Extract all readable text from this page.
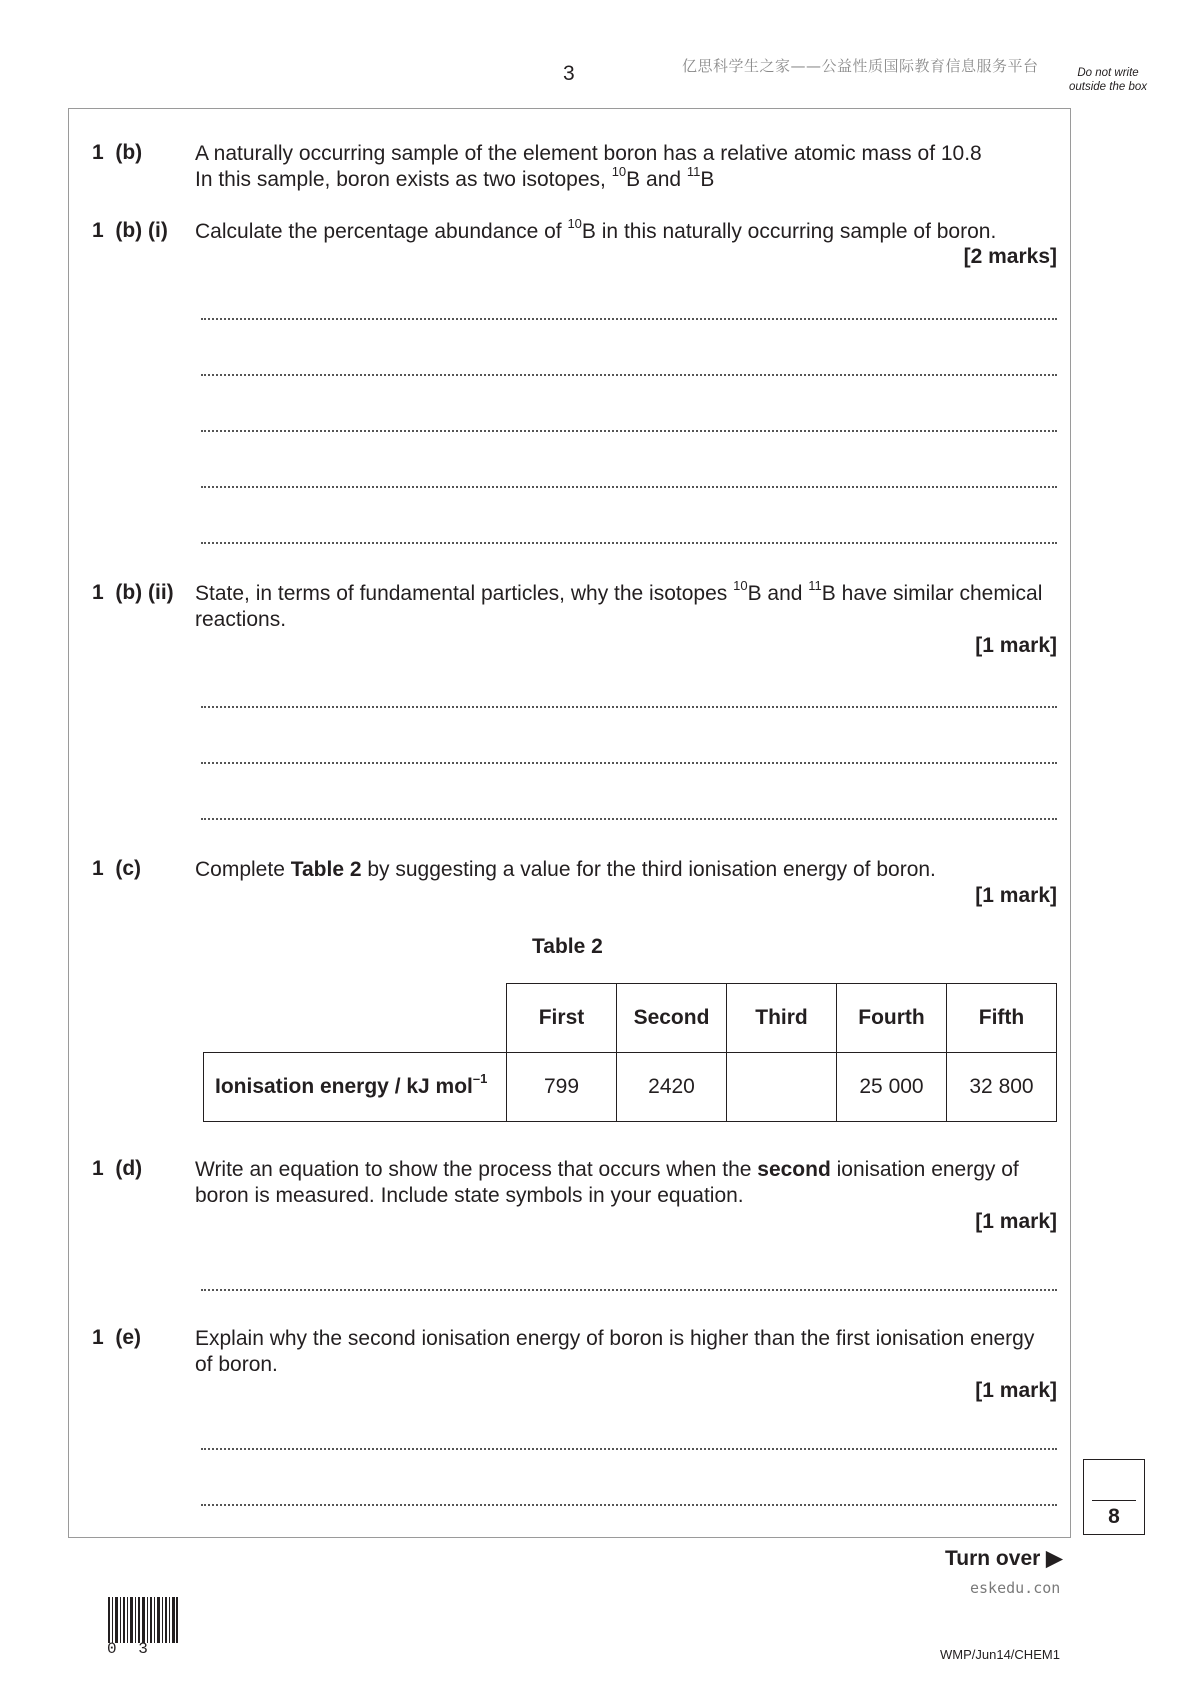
3	亿思科学生之家——公益性质国际教育信息服务平台	Do not write outside the box
1  (b)	A naturally occurring sample of the element boron has a relative atomic mass of 10.8
In this sample, boron exists as two isotopes, $^{10}$B and $^{11}$B
1  (b) (i) Calculate the percentage abundance of $^{10}$B in this naturally occurring sample of boron.
[2 marks]
1  (b) (ii) State, in terms of fundamental particles, why the isotopes $^{10}$B and $^{11}$B have similar chemical reactions.
[1 mark]
1  (c)	Complete Table 2 by suggesting a value for the third ionisation energy of boron.
[1 mark]
Table 2
	First	Second	Third	Fourth	Fifth
Ionisation energy / kJ mol$^{-1}$	799	2420		25 000	32 800
1  (d)	Write an equation to show the process that occurs when the second ionisation energy of boron is measured. Include state symbols in your equation.
[1 mark]
1  (e)	Explain why the second ionisation energy of boron is higher than the first ionisation energy of boron.
[1 mark]
8
Turn over ▶
eskedu.con
0 3	WMP/Jun14/CHEM1
